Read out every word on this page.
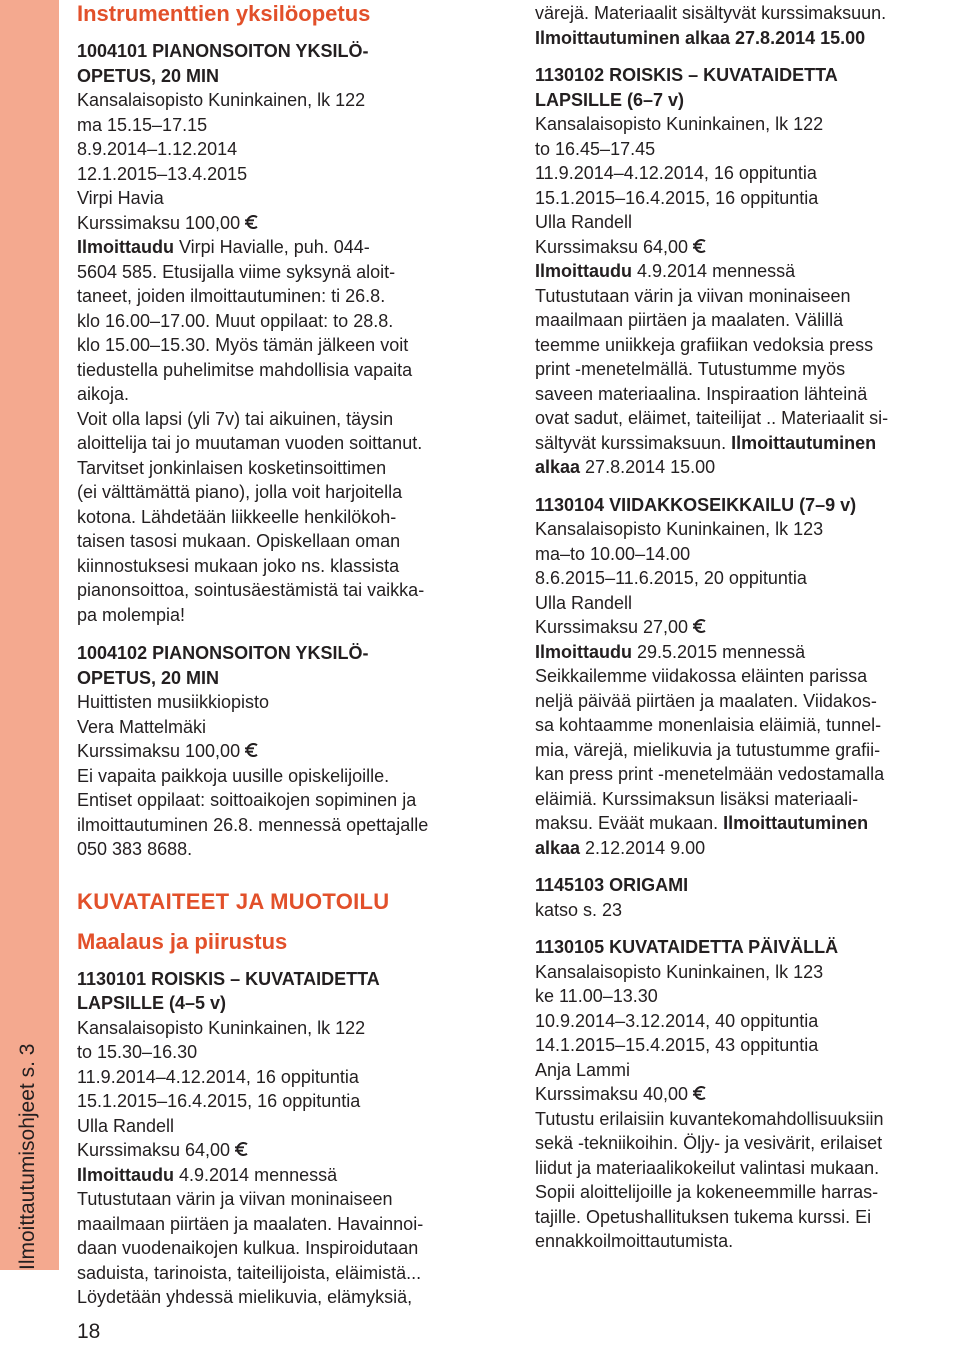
Ilmoittautumisohjeet s. 3
18
Instrumenttien yksilöopetus
1004101 PIANONSOITON YKSILÖ-
OPETUS, 20 MIN
Kansalaisopisto Kuninkainen, lk 122
ma 15.15–17.15
8.9.2014–1.12.2014
12.1.2015–13.4.2015
Virpi Havia
Kurssimaksu 100,00
Ilmoittaudu Virpi Havialle, puh. 044-
5604 585. Etusijalla viime syksynä aloit-
taneet, joiden ilmoittautuminen: ti 26.8.
klo 16.00–17.00. Muut oppilaat: to 28.8.
klo 15.00–15.30. Myös tämän jälkeen voit
tiedustella puhelimitse mahdollisia vapaita
aikoja.
Voit olla lapsi (yli 7v) tai aikuinen, täysin
aloittelija tai jo muutaman vuoden soittanut.
Tarvitset jonkinlaisen kosketinsoittimen
(ei välttämättä piano), jolla voit harjoitella
kotona. Lähdetään liikkeelle henkilökoh-
taisen tasosi mukaan. Opiskellaan oman
kiinnostuksesi mukaan joko ns. klassista
pianonsoittoa, sointusäestämistä tai vaikka-
pa molempia!
1004102 PIANONSOITON YKSILÖ-
OPETUS, 20 MIN
Huittisten musiikkiopisto
Vera Mattelmäki
Kurssimaksu 100,00
Ei vapaita paikkoja uusille opiskelijoille.
Entiset oppilaat: soittoaikojen sopiminen ja
ilmoittautuminen 26.8. mennessä opettajalle
050 383 8688.
KUVATAITEET JA MUOTOILU
Maalaus ja piirustus
1130101 ROISKIS – KUVATAIDETTA
LAPSILLE (4–5 v)
Kansalaisopisto Kuninkainen, lk 122
to 15.30–16.30
11.9.2014–4.12.2014, 16 oppituntia
15.1.2015–16.4.2015, 16 oppituntia
Ulla Randell
Kurssimaksu 64,00
Ilmoittaudu 4.9.2014 mennessä
Tutustutaan värin ja viivan moninaiseen
maailmaan piirtäen ja maalaten. Havainnoi-
daan vuodenaikojen kulkua. Inspiroidutaan
saduista, tarinoista, taiteilijoista, eläimistä...
Löydetään yhdessä mielikuvia, elämyksiä,
värejä. Materiaalit sisältyvät kurssimaksuun.
Ilmoittautuminen alkaa 27.8.2014 15.00
1130102 ROISKIS – KUVATAIDETTA
LAPSILLE (6–7 v)
Kansalaisopisto Kuninkainen, lk 122
to 16.45–17.45
11.9.2014–4.12.2014, 16 oppituntia
15.1.2015–16.4.2015, 16 oppituntia
Ulla Randell
Kurssimaksu 64,00
Ilmoittaudu 4.9.2014 mennessä
Tutustutaan värin ja viivan moninaiseen
maailmaan piirtäen ja maalaten. Välillä
teemme uniikkeja grafiikan vedoksia press
print -menetelmällä. Tutustumme myös
saveen materiaalina. Inspiraation lähteinä
ovat sadut, eläimet, taiteilijat .. Materiaalit si-
sältyvät kurssimaksuun. Ilmoittautuminen
alkaa 27.8.2014 15.00
1130104 VIIDAKKOSEIKKAILU (7–9 v)
Kansalaisopisto Kuninkainen, lk 123
ma–to 10.00–14.00
8.6.2015–11.6.2015, 20 oppituntia
Ulla Randell
Kurssimaksu 27,00
Ilmoittaudu 29.5.2015 mennessä
Seikkailemme viidakossa eläinten parissa
neljä päivää piirtäen ja maalaten. Viidakos-
sa kohtaamme monenlaisia eläimiä, tunnel-
mia, värejä, mielikuvia ja tutustumme grafii-
kan press print -menetelmään vedostamalla
eläimiä. Kurssimaksun lisäksi materiaali-
maksu. Eväät mukaan. Ilmoittautuminen
alkaa 2.12.2014 9.00
1145103 ORIGAMI
katso s. 23
1130105 KUVATAIDETTA PÄIVÄLLÄ
Kansalaisopisto Kuninkainen, lk 123
ke 11.00–13.30
10.9.2014–3.12.2014, 40 oppituntia
14.1.2015–15.4.2015, 43 oppituntia
Anja Lammi
Kurssimaksu 40,00
Tutustu erilaisiin kuvantekomahdollisuuksiin
sekä -tekniikoihin. Öljy- ja vesivärit, erilaiset
liidut ja materiaalikokeilut valintasi mukaan.
Sopii aloittelijoille ja kokeneemmille harras-
tajille. Opetushallituksen tukema kurssi. Ei
ennakkoilmoittautumista.
